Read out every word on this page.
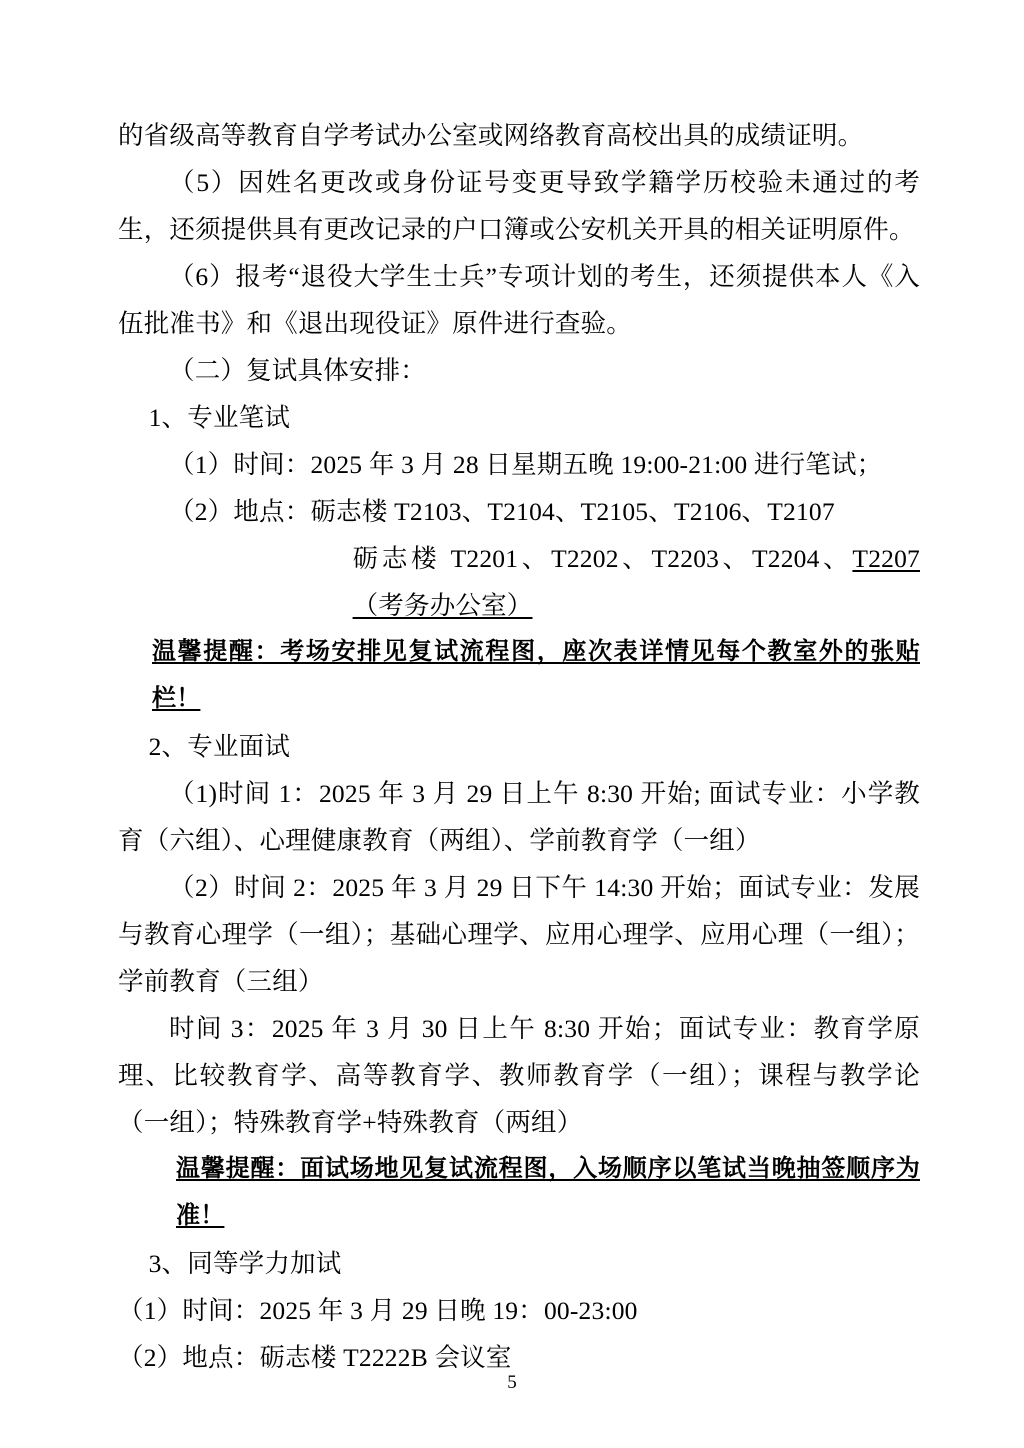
的省级高等教育自学考试办公室或网络教育高校出具的成绩证明。

（5）因姓名更改或身份证号变更导致学籍学历校验未通过的考生，还须提供具有更改记录的户口簿或公安机关开具的相关证明原件。

（6）报考“退役大学生士兵”专项计划的考生，还须提供本人《入伍批准书》和《退出现役证》原件进行查验。

（二）复试具体安排：

1、专业笔试

（1）时间：2025 年 3 月 28 日星期五晚 19:00-21:00 进行笔试；

（2）地点：砺志楼 T2103、T2104、T2105、T2106、T2107

砺志楼 T2201、T2202、T2203、T2204、T2207（考务办公室）

温馨提醒：考场安排见复试流程图，座次表详情见每个教室外的张贴栏！

2、专业面试

（1)时间 1：2025 年 3 月 29 日上午 8:30 开始; 面试专业：小学教育（六组）、心理健康教育（两组）、学前教育学（一组）

（2）时间 2：2025 年 3 月 29 日下午 14:30 开始；面试专业：发展与教育心理学（一组）；基础心理学、应用心理学、应用心理（一组）；学前教育（三组）

时间 3：2025 年 3 月 30 日上午 8:30 开始；面试专业：教育学原理、比较教育学、高等教育学、教师教育学（一组）；课程与教学论（一组）；特殊教育学+特殊教育（两组）

温馨提醒：面试场地见复试流程图，入场顺序以笔试当晚抽签顺序为准！

3、同等学力加试

（1）时间：2025 年 3 月 29 日晚 19：00-23:00

（2）地点：砺志楼 T2222B 会议室

5
